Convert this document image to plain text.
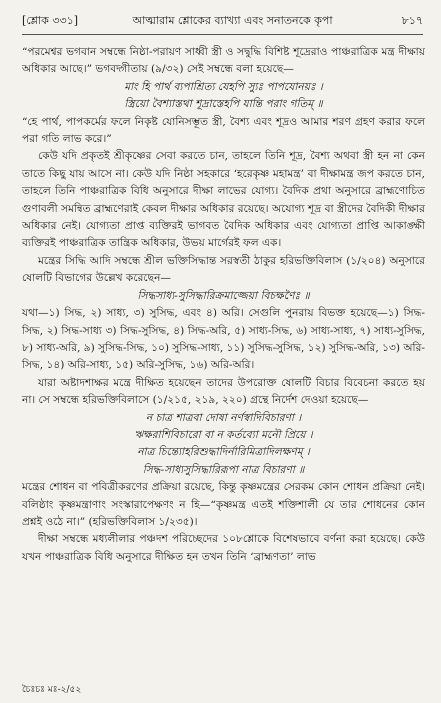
[শ্লোক ৩৩১]	আত্মারাম শ্লোকের ব্যাখ্যা এবং সনাতনকে কৃপা	৮১৭

“পরমেশ্বর ভগবান সম্বন্ধে নিষ্ঠা-পরায়ণ সাধ্বী স্ত্রী ও সদ্বুদ্ধি বিশিষ্ট শূদ্রেরাও পাঞ্চরাত্রিক মন্ত্র দীক্ষায় অধিকার আছে।” ভগবদ্গীতায় (৯/৩২) সেই সম্বন্ধে বলা হয়েছে—

মাং হি পার্থ ব্যপাশ্রিত্য যেহপি স্যুঃ পাপযোনয়ঃ ।

স্ত্রিয়ো বৈশ্যাস্তথা শূদ্রাস্তেহপি যান্তি পরাং গতিম্‌ ॥

“হে পার্থ, পাপকর্মের ফলে নিকৃষ্ট যোনিসম্ভূত স্ত্রী, বৈশ্য এবং শূদ্রও আমার শরণ গ্রহণ করার ফলে পরা গতি লাভ করে।”

কেউ যদি প্রকৃতই শ্রীকৃষ্ণের সেবা করতে চান, তাহলে তিনি শূদ্র, বৈশ্য অথবা স্ত্রী হন না কেন তাতে কিছু যায় আসে না। কেউ যদি নিষ্ঠা সহকারে ‘হরেকৃষ্ণ মহামন্ত্র’ বা দীক্ষামন্ত্র জপ করতে চান, তাহলে তিনি পাঞ্চরাত্রিক বিধি অনুসারে দীক্ষা লাভের যোগ্য। বৈদিক প্রথা অনুসারে ব্রাহ্মণোচিত গুণাবলী সমন্বিত ব্রাহ্মণেরাই কেবল দীক্ষার অধিকার রয়েছে। অযোগ্য শূদ্র বা স্ত্রীদের বৈদিকী দীক্ষার অধিকার নেই। যোগ্যতা প্রাপ্ত ব্যক্তিরই ভাগবত বৈদিক অধিকার এবং যোগ্যতা প্রাপ্তি আকাঙ্ক্ষী ব্যক্তিরই পাঞ্চরাত্রিক তান্ত্রিক অধিকার, উভয় মার্গেরই ফল এক।

মন্ত্রের সিদ্ধি আদি সম্বন্ধে শ্রীল ভক্তিসিদ্ধান্ত সরস্বতী ঠাকুর হরিভক্তিবিলাস (১/২০৪) অনুসারে ষোলটি বিভাগের উল্লেখ করেছেন—

সিদ্ধসাধ্য-সুসিদ্ধারিক্রমাজ্জেয়া বিচক্ষণৈঃ ॥

যথা—১) সিদ্ধ, ২) সাধ্য, ৩) সুসিদ্ধ, এবং ৪) অরি। সেগুলি পুনরায় বিভক্ত হয়েছে—১) সিদ্ধ-সিদ্ধ, ২) সিদ্ধ-সাধ্য ৩) সিদ্ধ-সুসিদ্ধ, ৪) সিদ্ধ-অরি, ৫) সাধ্য-সিদ্ধ, ৬) সাধ্য-সাধ্য, ৭) সাধ্য-সুসিদ্ধ, ৮) সাধ্য-অরি, ৯) সুসিদ্ধ-সিদ্ধ, ১০) সুসিদ্ধ-সাধ্য, ১১) সুসিদ্ধ-সুসিদ্ধ, ১২) সুসিদ্ধ-অরি, ১৩) অরি-সিদ্ধ, ১৪) অরি-সাধ্য, ১৫) অরি-সুসিদ্ধ, ১৬) অরি-অরি।

যারা অষ্টাদশাক্ষর মন্ত্রে দীক্ষিত হয়েছেন তাদের উপরোক্ত ষোলটি বিচার বিবেচনা করতে হয় না। সে সম্বন্ধে হরিভক্তিবিলাসে (১/২১৫, ২১৯, ২২০) গ্রন্থে নির্দেশ দেওয়া হয়েছে—

ন চাত্র শাত্রবা দোষা নর্ণস্বাদিবিচারণা ।

ঋক্ষরাশিবিচারো বা ন কর্তব্যো মনৌ প্রিয়ে ।

নাত্র চিন্ত্যোহরিশুদ্ধাদির্নারিমিত্রাদিলক্ষণম্‌ ।

সিদ্ধ-সাধ্যসুসিদ্ধারিরূপা নাত্র বিচারণা ॥

মন্ত্রের শোধন বা পবিত্রীকরণের প্রক্রিয়া রয়েছে, কিন্তু কৃষ্ণমন্ত্রের সেরকম কোন শোধন প্রক্রিয়া নেই। বলিষ্ঠাং কৃষ্ণমন্ত্রাণাং সংস্কারাপেক্ষণং ন হি—“কৃষ্ণমন্ত্র এতই শক্তিশালী যে তার শোধনের কোন প্রশ্নই ওঠে না।” (হরিভক্তিবিলাস ১/২৩৫)।

দীক্ষা সম্বন্ধে মধ্যলীলার পঞ্চদশ পরিচ্ছেদের ১০৮শ্লোকে বিশেষভাবে বর্ণনা করা হয়েছে। কেউ যখন পাঞ্চরাত্রিক বিধি অনুসারে দীক্ষিত হন তখন তিনি ‘ব্রাহ্মণতা’ লাভ

চৈঃচঃ মঃ-২/৫২
